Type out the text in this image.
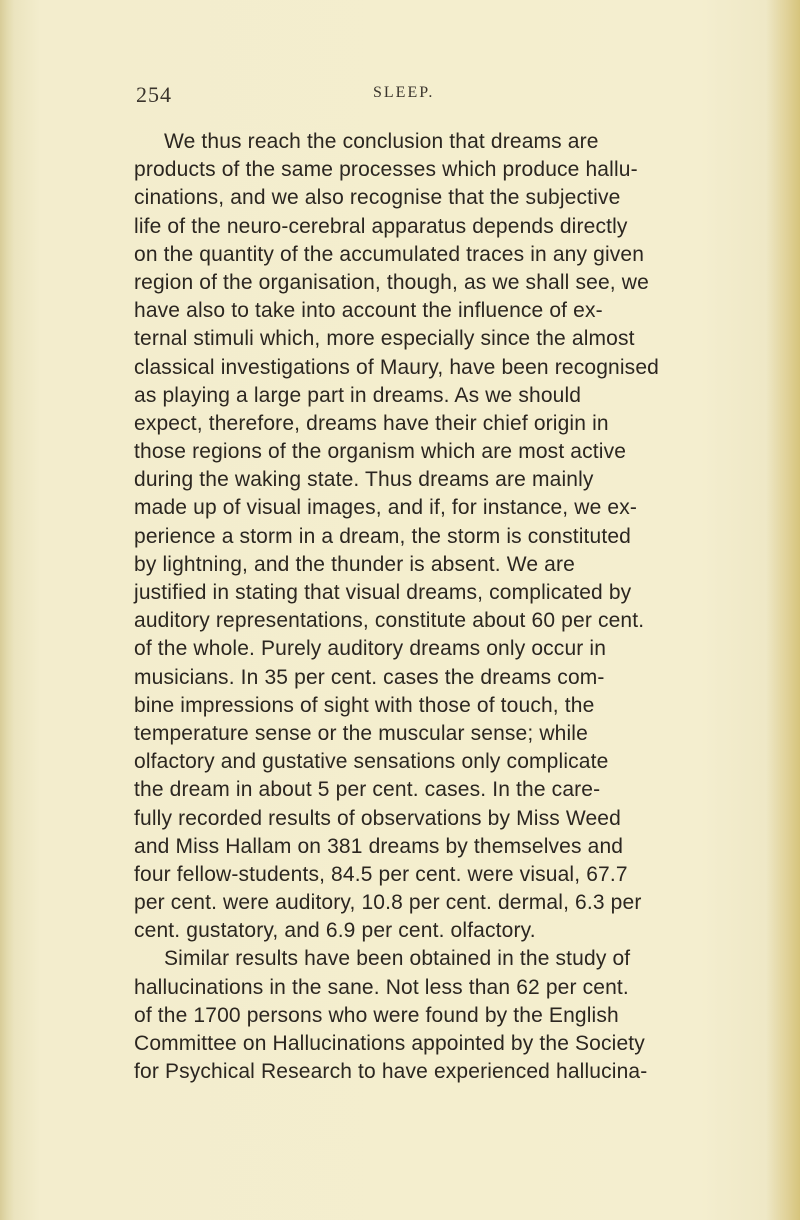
254	SLEEP.
We thus reach the conclusion that dreams are
products of the same processes which produce hallu-
cinations, and we also recognise that the subjective
life of the neuro-cerebral apparatus depends directly
on the quantity of the accumulated traces in any given
region of the organisation, though, as we shall see, we
have also to take into account the influence of ex-
ternal stimuli which, more especially since the almost
classical investigations of Maury, have been recognised
as playing a large part in dreams. As we should
expect, therefore, dreams have their chief origin in
those regions of the organism which are most active
during the waking state. Thus dreams are mainly
made up of visual images, and if, for instance, we ex-
perience a storm in a dream, the storm is constituted
by lightning, and the thunder is absent. We are
justified in stating that visual dreams, complicated by
auditory representations, constitute about 60 per cent.
of the whole. Purely auditory dreams only occur in
musicians. In 35 per cent. cases the dreams com-
bine impressions of sight with those of touch, the
temperature sense or the muscular sense; while
olfactory and gustative sensations only complicate
the dream in about 5 per cent. cases. In the care-
fully recorded results of observations by Miss Weed
and Miss Hallam on 381 dreams by themselves and
four fellow-students, 84.5 per cent. were visual, 67.7
per cent. were auditory, 10.8 per cent. dermal, 6.3 per
cent. gustatory, and 6.9 per cent. olfactory.
Similar results have been obtained in the study of
hallucinations in the sane. Not less than 62 per cent.
of the 1700 persons who were found by the English
Committee on Hallucinations appointed by the Society
for Psychical Research to have experienced hallucina-
